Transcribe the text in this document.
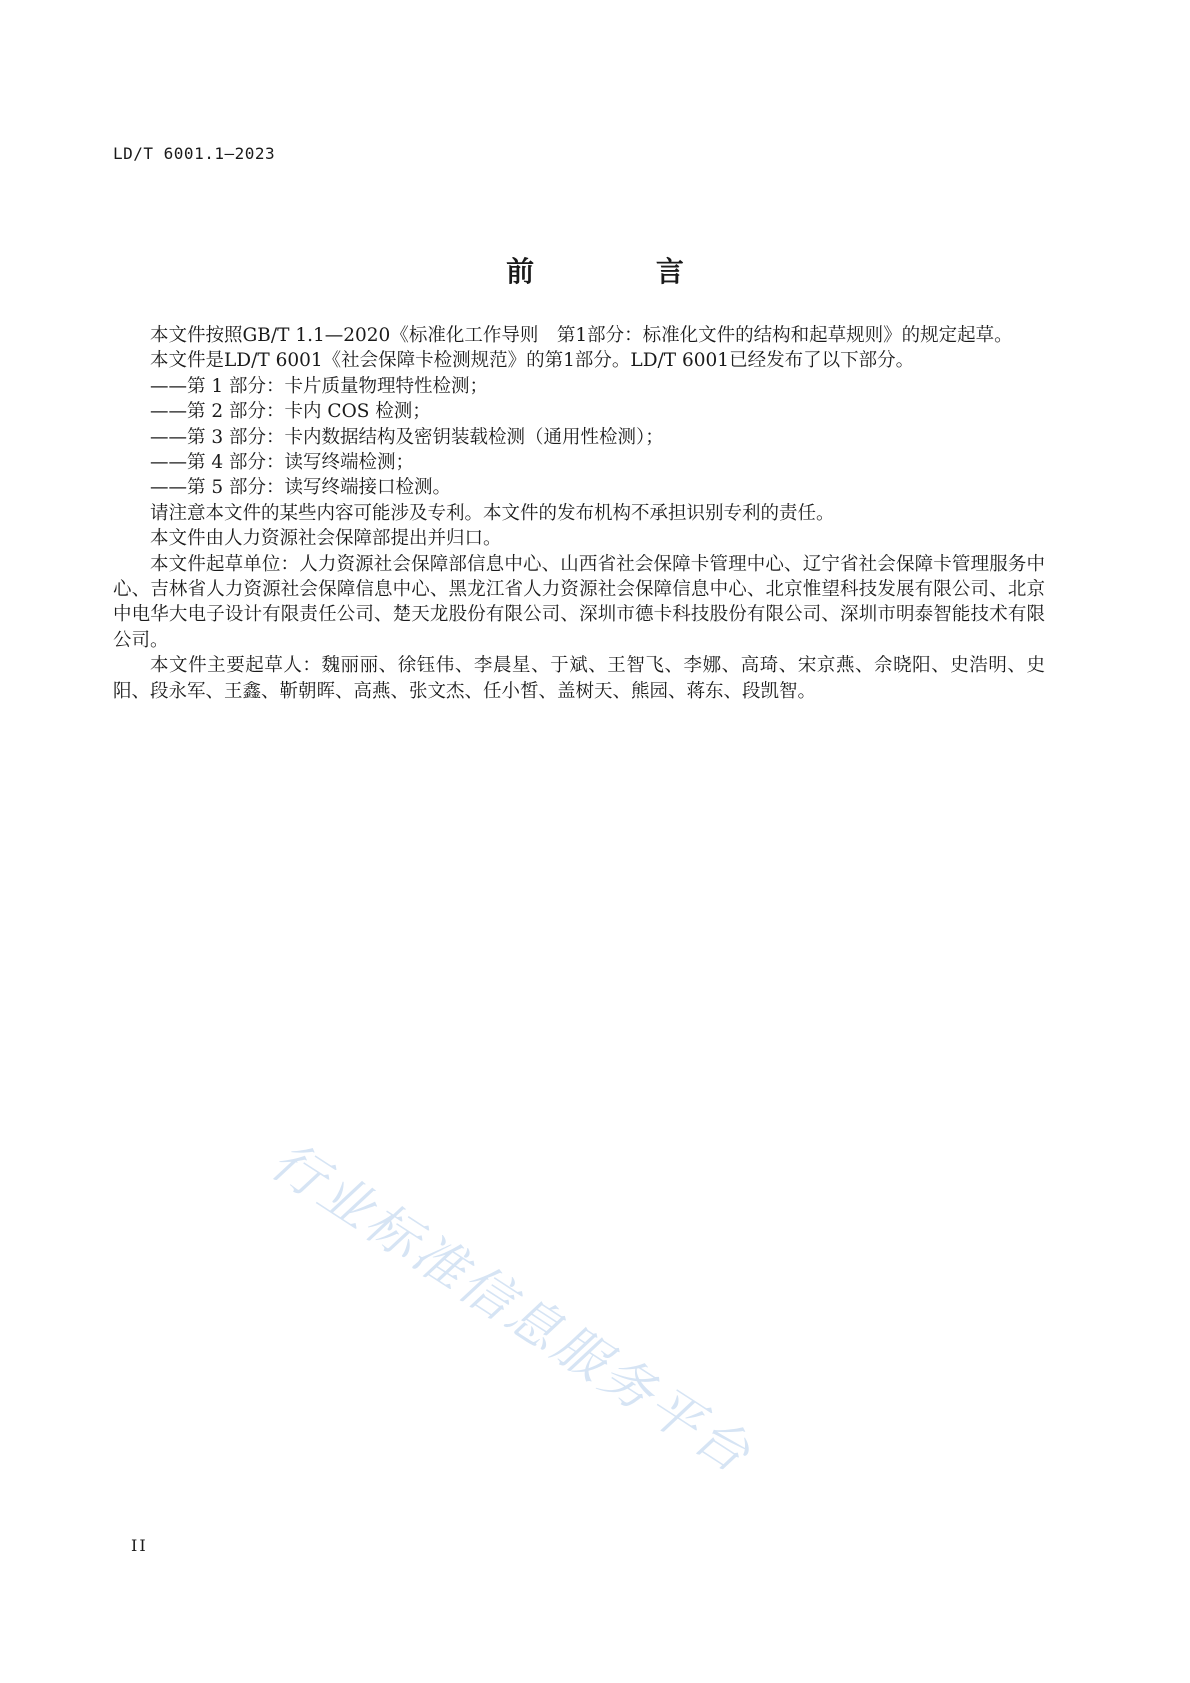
LD/T 6001.1—2023
前 言

本文件按照GB/T 1.1—2020《标准化工作导则　第1部分：标准化文件的结构和起草规则》的规定起草。

本文件是LD/T 6001《社会保障卡检测规范》的第1部分。LD/T 6001已经发布了以下部分。

——第 1 部分：卡片质量物理特性检测；

——第 2 部分：卡内 COS 检测；

——第 3 部分：卡内数据结构及密钥装载检测（通用性检测）；

——第 4 部分：读写终端检测；

——第 5 部分：读写终端接口检测。

请注意本文件的某些内容可能涉及专利。本文件的发布机构不承担识别专利的责任。

本文件由人力资源社会保障部提出并归口。

本文件起草单位：人力资源社会保障部信息中心、山西省社会保障卡管理中心、辽宁省社会保障卡管理服务中心、吉林省人力资源社会保障信息中心、黑龙江省人力资源社会保障信息中心、北京惟望科技发展有限公司、北京中电华大电子设计有限责任公司、楚天龙股份有限公司、深圳市德卡科技股份有限公司、深圳市明泰智能技术有限公司。

本文件主要起草人：魏丽丽、徐钰伟、李晨星、于斌、王智飞、李娜、高琦、宋京燕、佘晓阳、史浩明、史阳、段永军、王鑫、靳朝晖、高燕、张文杰、任小皙、盖树天、熊园、蒋东、段凯智。

行业标准信息服务平台
II
